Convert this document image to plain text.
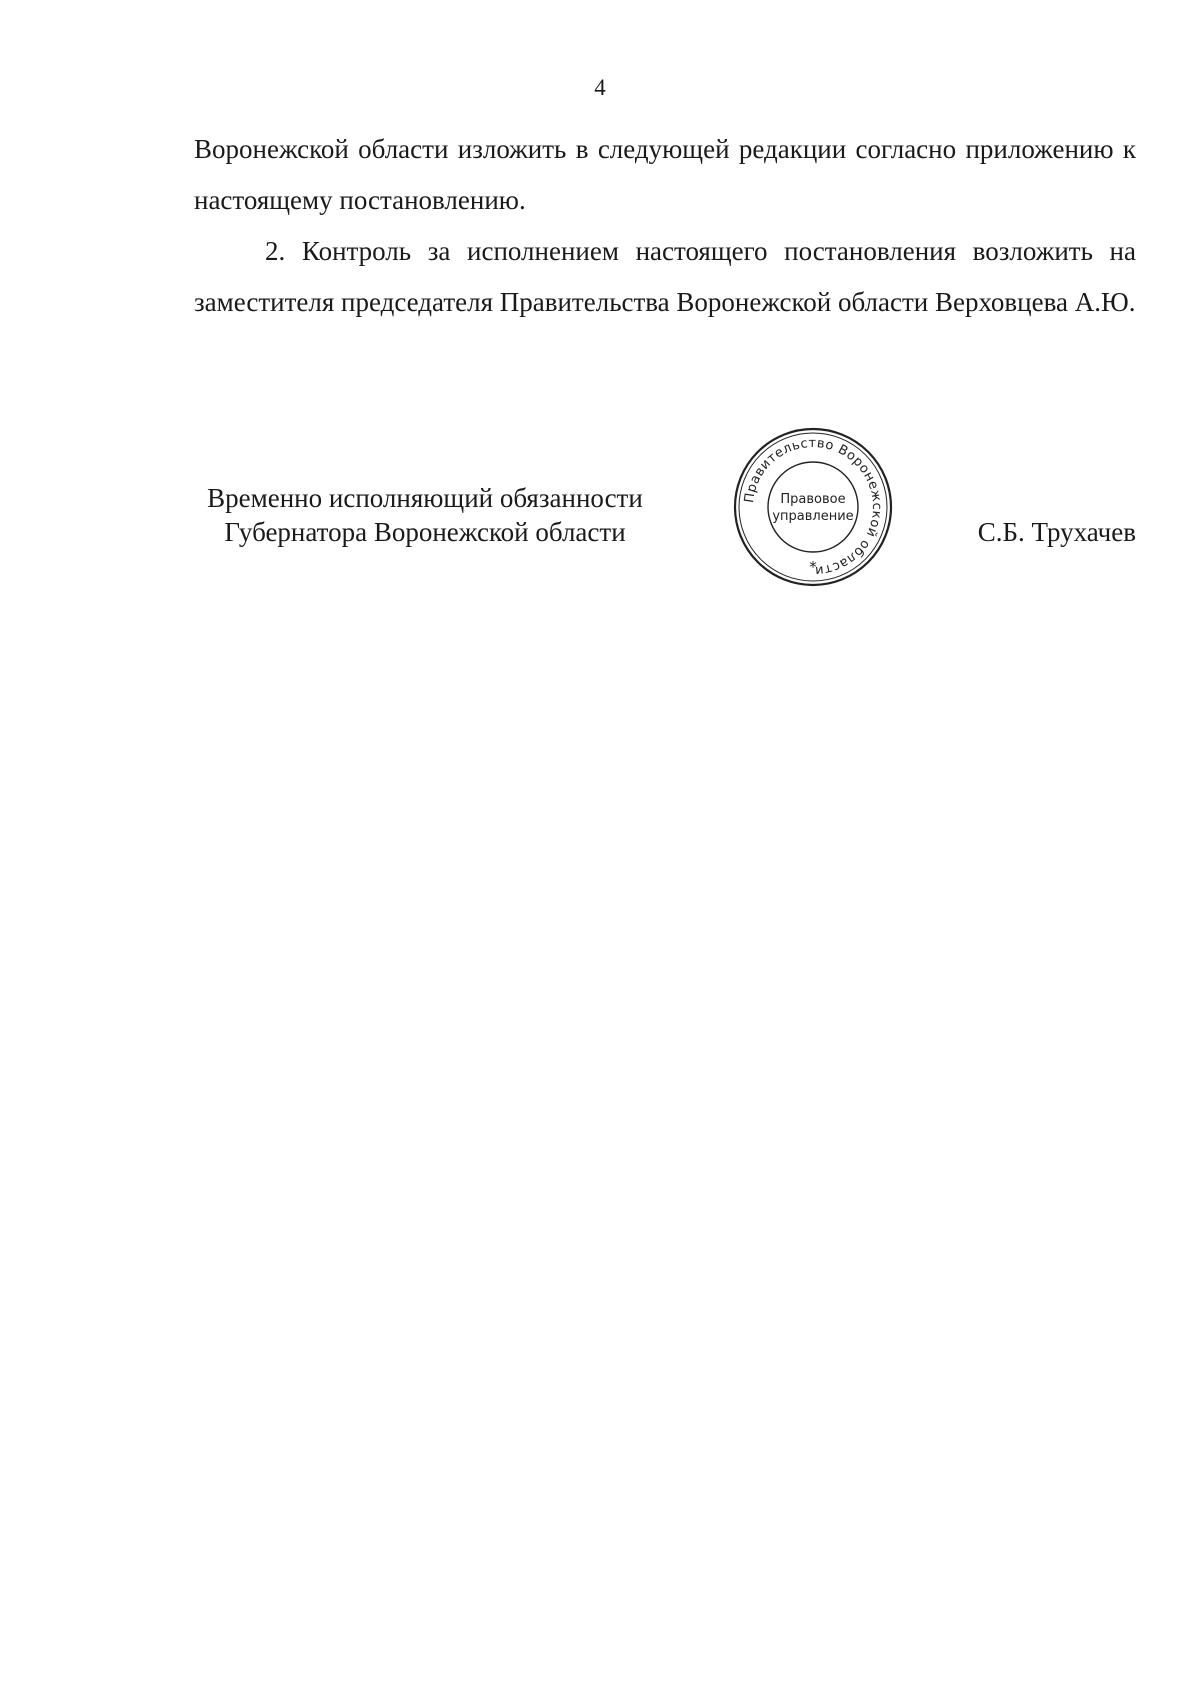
4

Воронежской области изложить в следующей редакции согласно приложению к настоящему постановлению.

2. Контроль за исполнением настоящего постановления возложить на заместителя председателя Правительства Воронежской области Верховцева А.Ю.

Временно исполняющий обязанности
Губернатора Воронежской области
Правительство Воронежской области
Правовое
управление
*
С.Б. Трухачев
